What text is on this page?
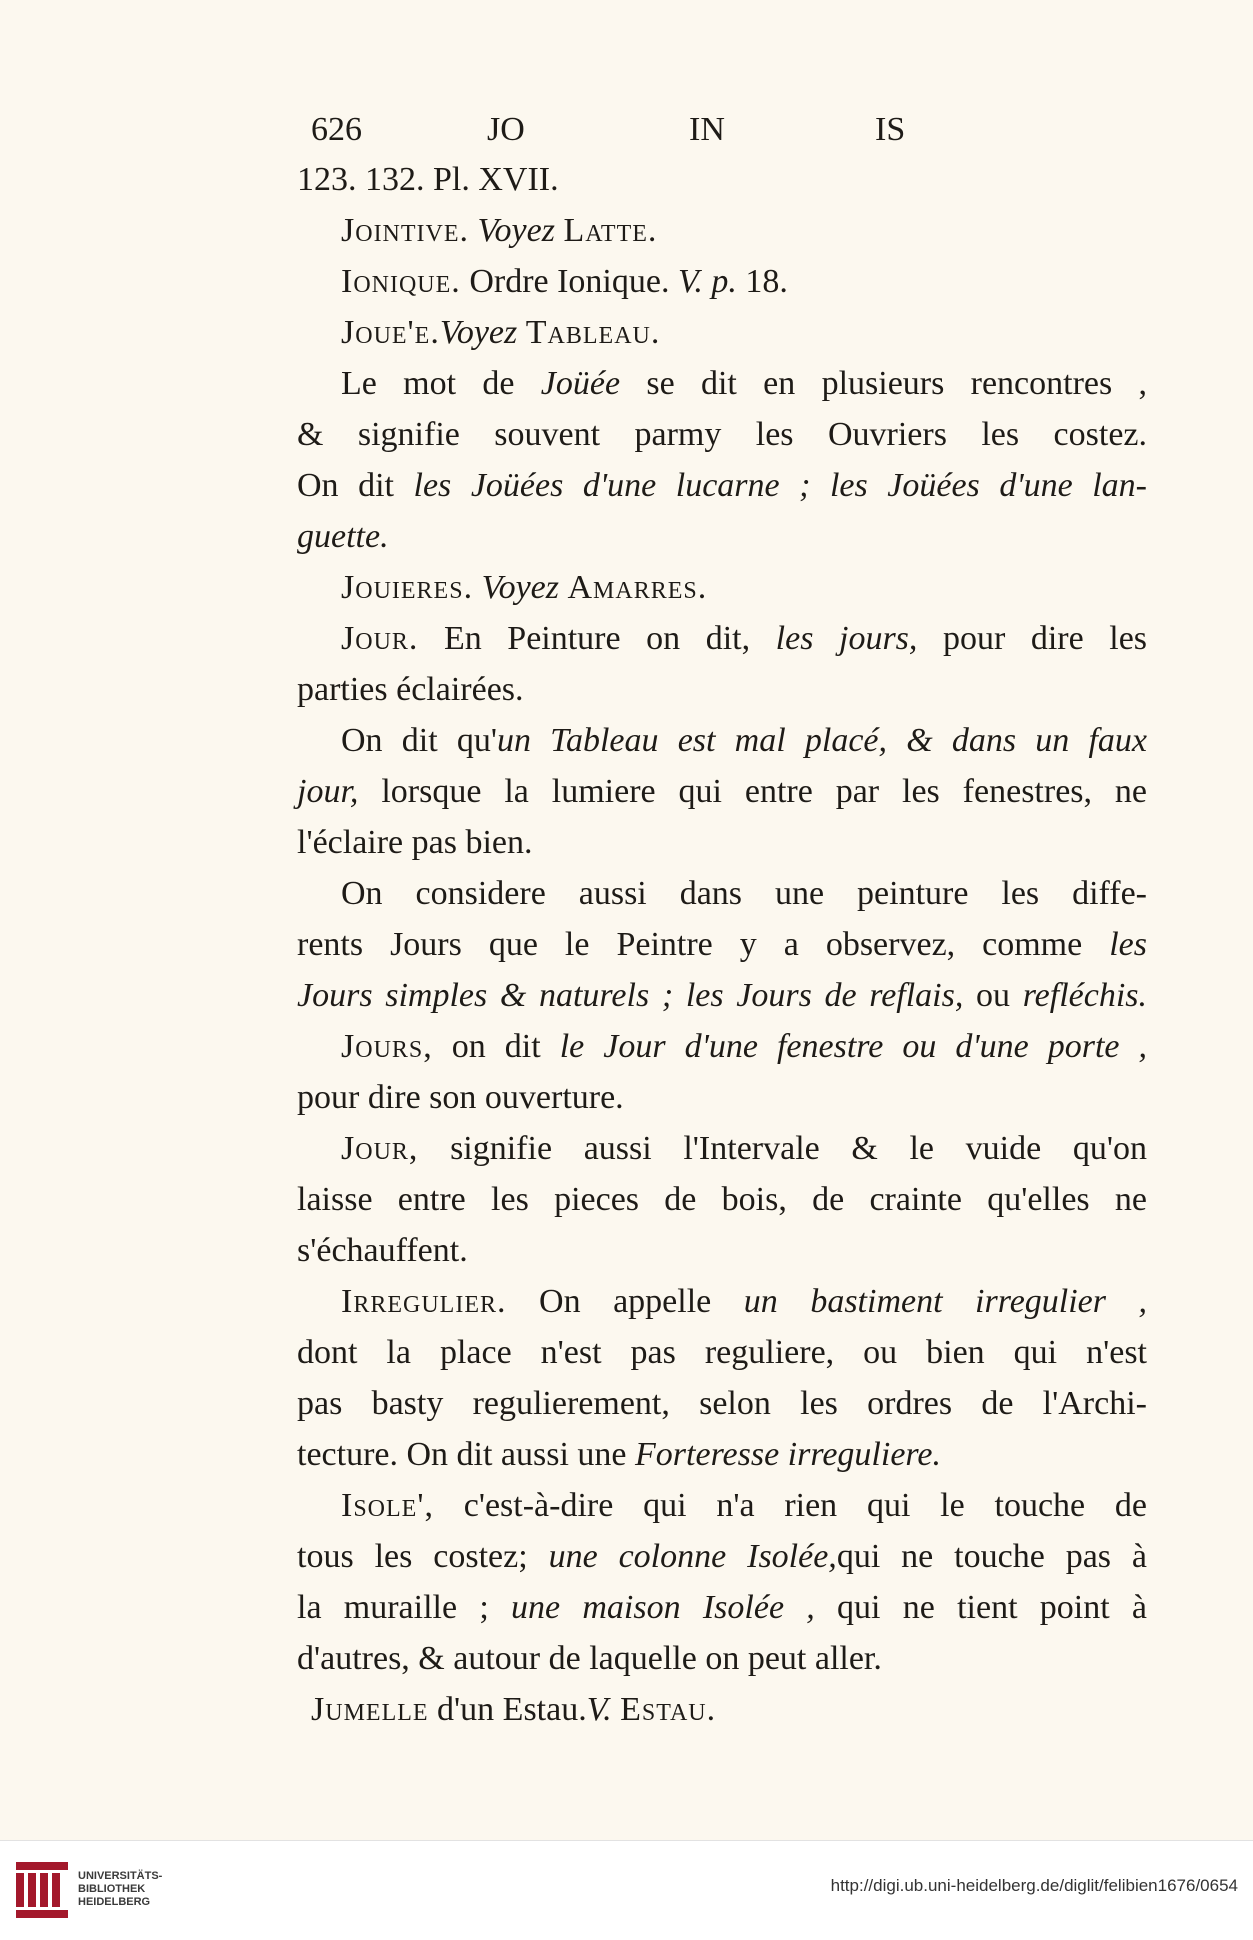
626	JO	IN	IS
123. 132. Pl. XVII.
Jointive. Voyez Latte.
Ionique. Ordre Ionique. V. p. 18.
Joue'e.Voyez Tableau.
Le mot de Joüée se dit en plusieurs rencontres ,
& signifie souvent parmy les Ouvriers les costez.
On dit les Joüées d'une lucarne ; les Joüées d'une lan-
guette.
Jouieres. Voyez Amarres.
Jour. En Peinture on dit, les jours, pour dire les
parties éclairées.
On dit qu'un Tableau est mal placé, & dans un faux
jour, lorsque la lumiere qui entre par les fenestres, ne
l'éclaire pas bien.
On considere aussi dans une peinture les diffe-
rents Jours que le Peintre y a observez, comme les
Jours simples & naturels ; les Jours de reflais, ou refléchis.
Jours, on dit le Jour d'une fenestre ou d'une porte ,
pour dire son ouverture.
Jour, signifie aussi l'Intervale & le vuide qu'on
laisse entre les pieces de bois, de crainte qu'elles ne
s'échauffent.
Irregulier. On appelle un bastiment irregulier ,
dont la place n'est pas reguliere, ou bien qui n'est
pas basty regulierement, selon les ordres de l'Archi-
tecture. On dit aussi une Forteresse irreguliere.
Isole', c'est-à-dire qui n'a rien qui le touche de
tous les costez; une colonne Isolée,qui ne touche pas à
la muraille ; une maison Isolée , qui ne tient point à
d'autres, & autour de laquelle on peut aller.
Jumelle d'un Estau.V. Estau.
UNIVERSITÄTS-
BIBLIOTHEK
HEIDELBERG
http://digi.ub.uni-heidelberg.de/diglit/felibien1676/0654
